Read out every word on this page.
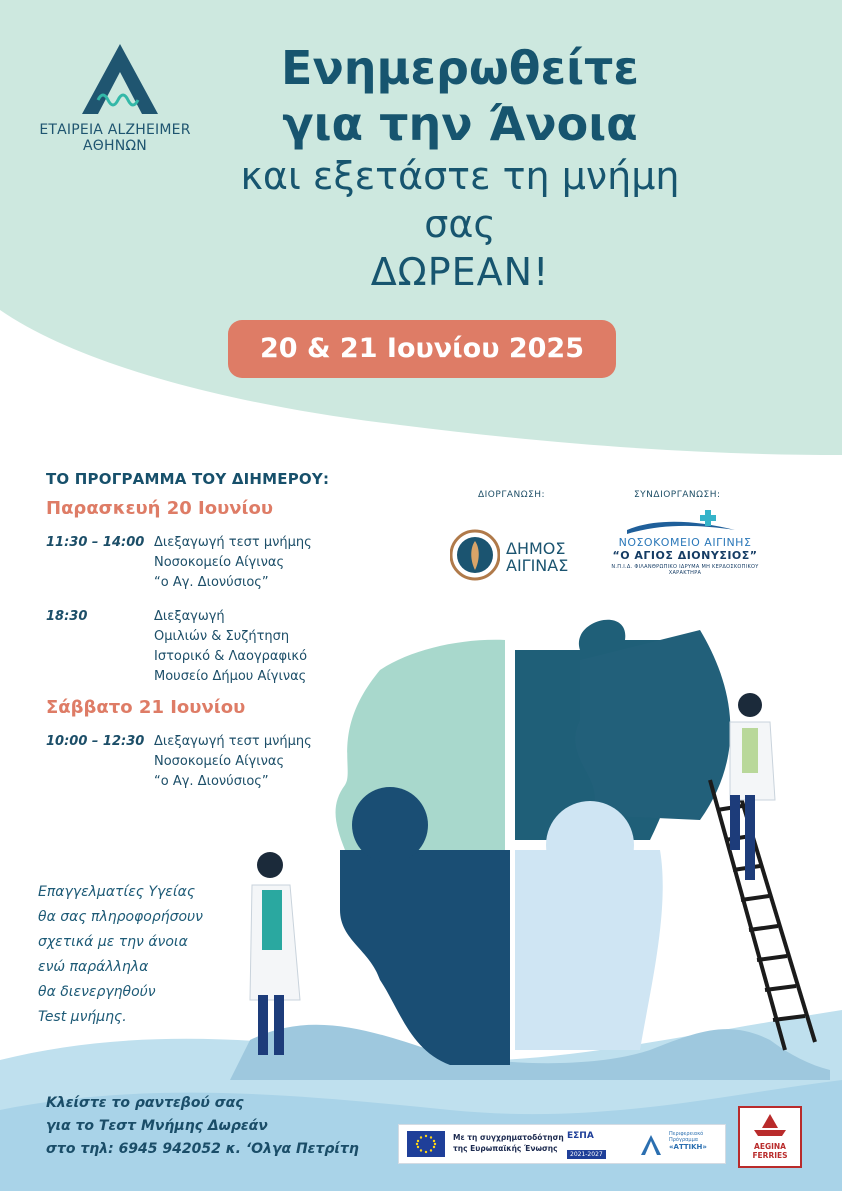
ΕΤΑΙΡΕΙΑ ALZHEIMER
ΑΘΗΝΩΝ
Ενημερωθείτε
για την Άνοια
και εξετάστε τη μνήμη σας
ΔΩΡΕΑΝ!
20 & 21 Ιουνίου 2025
ΤΟ ΠΡΟΓΡΑΜΜΑ ΤΟΥ ΔΙΗΜΕΡΟΥ:
Παρασκευή 20 Ιουνίου
11:30 – 14:00 Διεξαγωγή τεστ μνήμης
Νοσοκομείο Αίγινας
“ο Αγ. Διονύσιος”
18:30	Διεξαγωγή
Ομιλιών & Συζήτηση
Ιστορικό & Λαογραφικό
Μουσείο Δήμου Αίγινας
Σάββατο 21 Ιουνίου
10:00 – 12:30 Διεξαγωγή τεστ μνήμης
Νοσοκομείο Αίγινας
“ο Αγ. Διονύσιος”
ΔΙΟΡΓΑΝΩΣΗ:	ΣΥΝΔΙΟΡΓΑΝΩΣΗ:
ΔΗΜΟΣ
ΑΙΓΙΝΑΣ
ΝΟΣΟΚΟΜΕΙΟ ΑΙΓΙΝΗΣ
“Ο ΑΓΙΟΣ ΔΙΟΝΥΣΙΟΣ”
Ν.Π.Ι.Δ. ΦΙΛΑΝΘΡΩΠΙΚΟ ΙΔΡΥΜΑ ΜΗ ΚΕΡΔΟΣΚΟΠΙΚΟΥ ΧΑΡΑΚΤΗΡΑ
Επαγγελματίες Υγείας
θα σας πληροφορήσουν
σχετικά με την άνοια
ενώ παράλληλα
θα διενεργηθούν
Test μνήμης.
Κλείστε το ραντεβού σας
για το Τεστ Μνήμης Δωρεάν
στο τηλ: 6945 942052 κ. ‘Ολγα Πετρίτη
Με τη συγχρηματοδότηση
της Ευρωπαϊκής Ένωσης
ΕΣΠΑ
2021-2027
Περιφερειακό
Πρόγραμμα
«ΑΤΤΙΚΗ»	AEGINA
FERRIES
